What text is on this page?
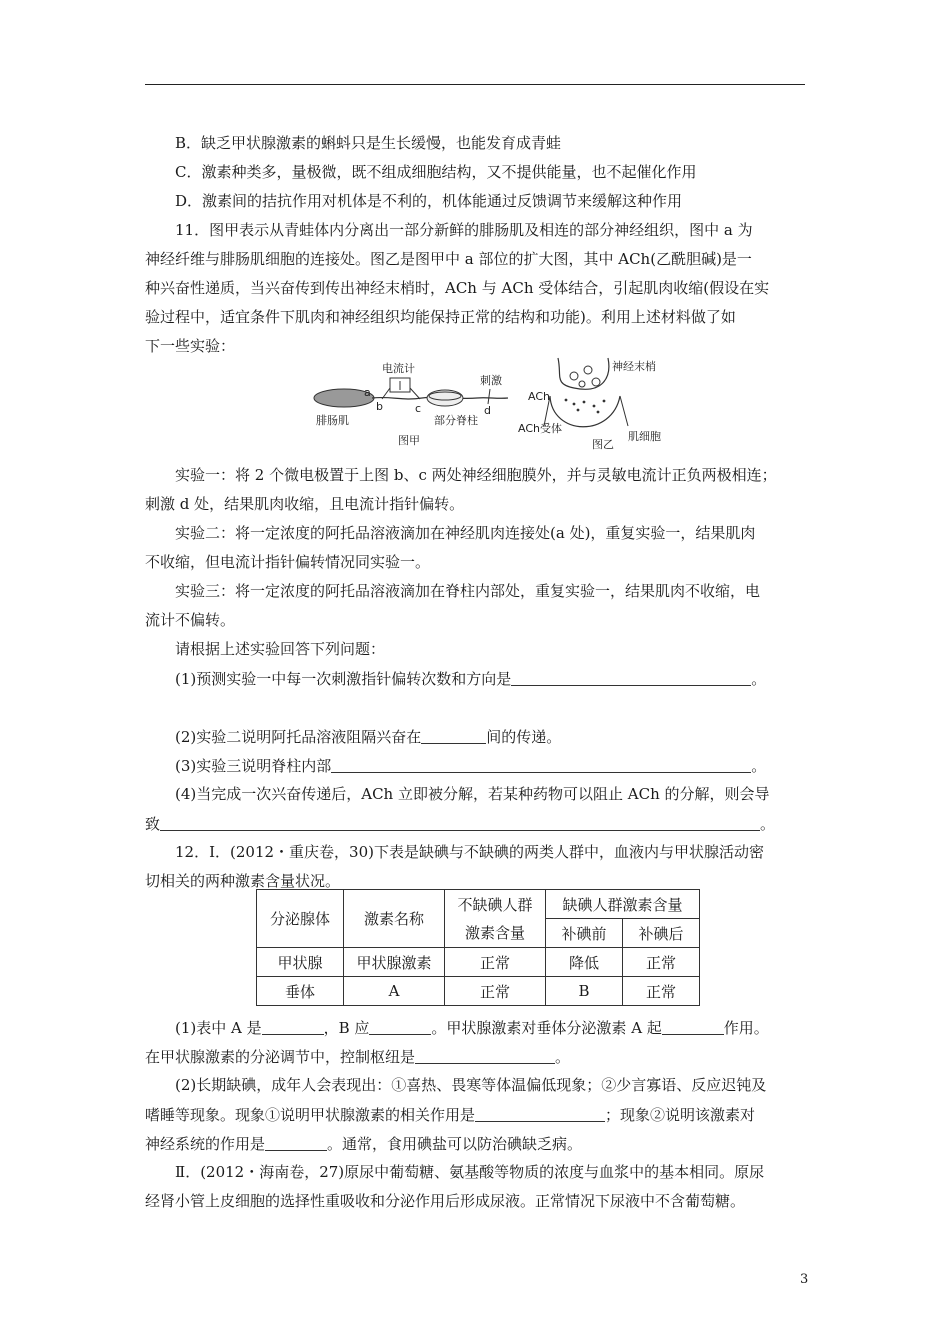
B．缺乏甲状腺激素的蝌蚪只是生长缓慢，也能发育成青蛙
C．激素种类多，量极微，既不组成细胞结构，又不提供能量，也不起催化作用
D．激素间的拮抗作用对机体是不利的，机体能通过反馈调节来缓解这种作用
11．图甲表示从青蛙体内分离出一部分新鲜的腓肠肌及相连的部分神经组织，图中 a 为
神经纤维与腓肠肌细胞的连接处。图乙是图甲中 a 部位的扩大图，其中 ACh(乙酰胆碱)是一
种兴奋性递质，当兴奋传到传出神经末梢时，ACh 与 ACh 受体结合，引起肌肉收缩(假设在实
验过程中，适宜条件下肌肉和神经组织均能保持正常的结构和功能)。利用上述材料做了如
下一些实验：
腓肠肌
a
b	c
电流计
部分脊柱
刺激
d
图甲
神经末梢
ACh
ACh受体
肌细胞
图乙
实验一：将 2 个微电极置于上图 b、c 两处神经细胞膜外，并与灵敏电流计正负两极相连；
刺激 d 处，结果肌肉收缩，且电流计指针偏转。
实验二：将一定浓度的阿托品溶液滴加在神经肌肉连接处(a 处)，重复实验一，结果肌肉
不收缩，但电流计指针偏转情况同实验一。
实验三：将一定浓度的阿托品溶液滴加在脊柱内部处，重复实验一，结果肌肉不收缩，电
流计不偏转。
请根据上述实验回答下列问题：
(1)预测实验一中每一次刺激指针偏转次数和方向是	。
(2)实验二说明阿托品溶液阻隔兴奋在	间的传递。
(3)实验三说明脊柱内部	。
(4)当完成一次兴奋传递后，ACh 立即被分解，若某种药物可以阻止 ACh 的分解，则会导
致	。
12．Ⅰ．(2012・重庆卷，30)下表是缺碘与不缺碘的两类人群中，血液内与甲状腺活动密
切相关的两种激素含量状况。
分泌腺体	激素名称	不缺碘人群	缺碘人群激素含量	
		激素含量	补碘前	补碘后
甲状腺	甲状腺激素	正常	降低	正常
垂体	A	正常	B	正常
(1)表中 A 是	，B 应	。甲状腺激素对垂体分泌激素 A 起	作用。
在甲状腺激素的分泌调节中，控制枢纽是	。
(2)长期缺碘，成年人会表现出：①喜热、畏寒等体温偏低现象；②少言寡语、反应迟钝及
嗜睡等现象。现象①说明甲状腺激素的相关作用是	；现象②说明该激素对
神经系统的作用是	。通常，食用碘盐可以防治碘缺乏病。
Ⅱ．(2012・海南卷，27)原尿中葡萄糖、氨基酸等物质的浓度与血浆中的基本相同。原尿
经肾小管上皮细胞的选择性重吸收和分泌作用后形成尿液。正常情况下尿液中不含葡萄糖。
3
